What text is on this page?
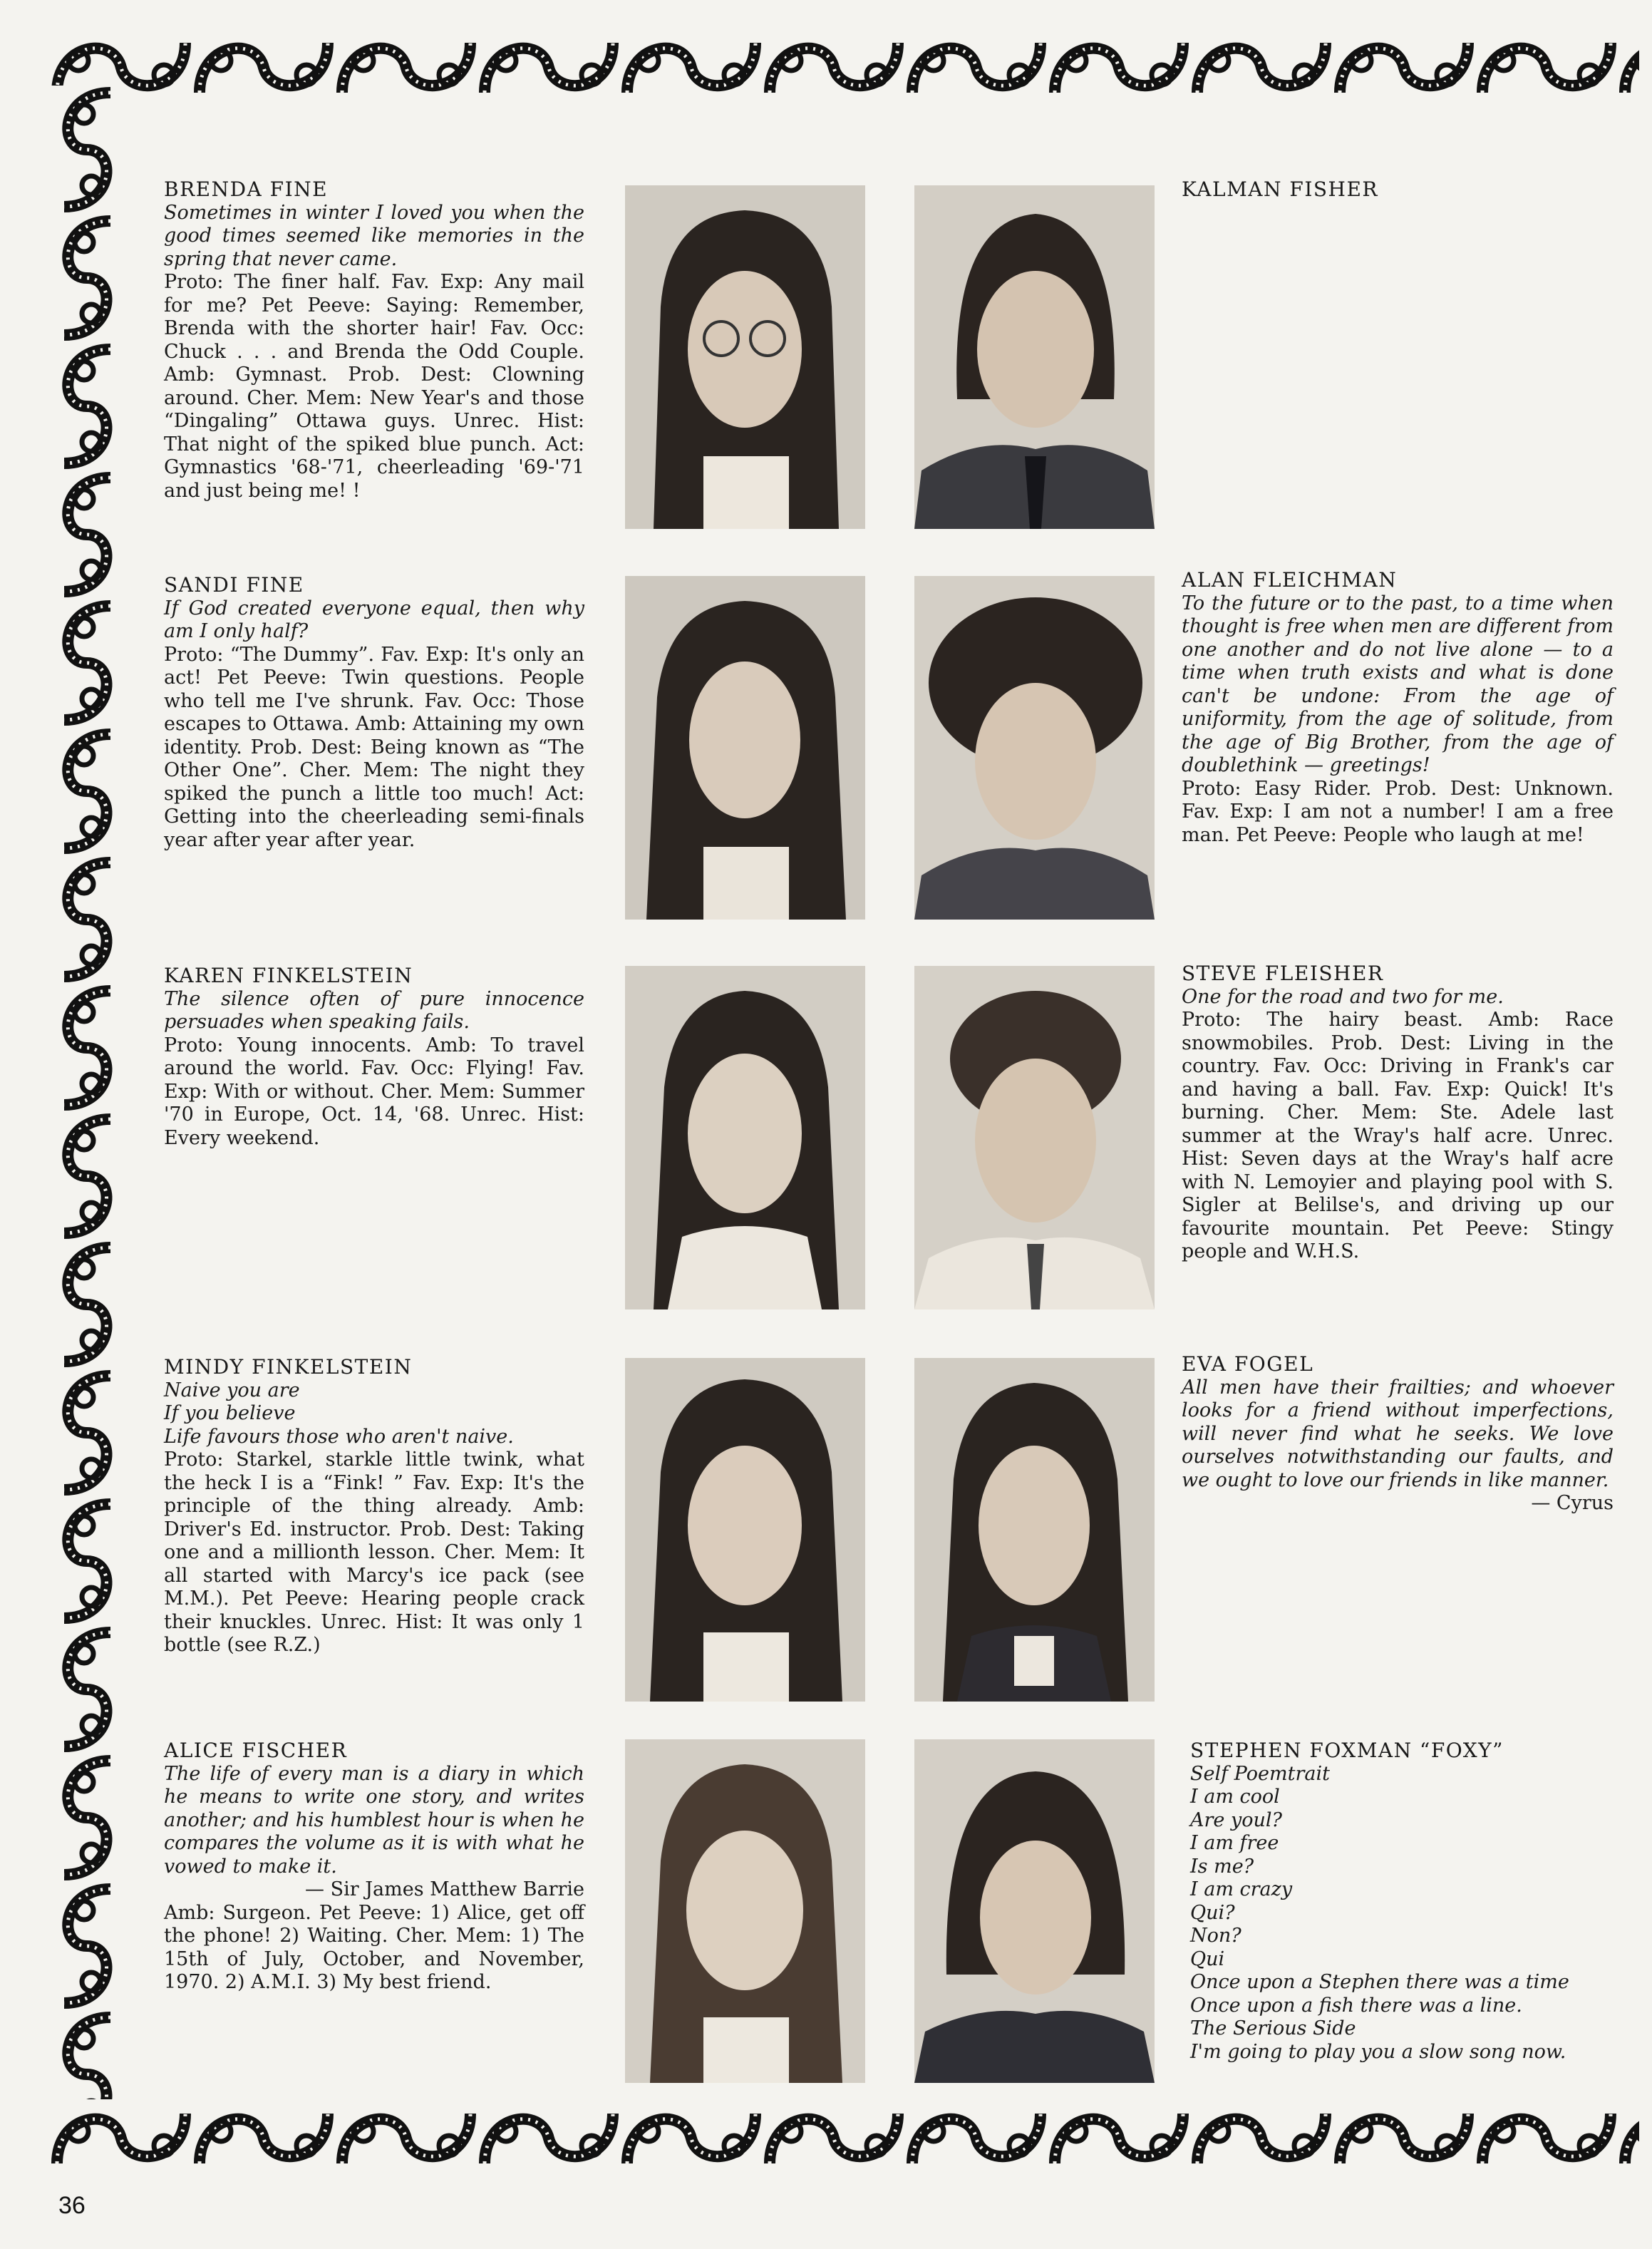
BRENDA FINE
Sometimes in winter I loved you when the good times seemed like memories in the spring that never came.
Proto: The finer half. Fav. Exp: Any mail for me? Pet Peeve: Saying: Remember, Brenda with the shorter hair! Fav. Occ: Chuck . . . and Brenda the Odd Couple. Amb: Gymnast. Prob. Dest: Clowning around. Cher. Mem: New Year's and those “Dingaling” Ottawa guys. Unrec. Hist: That night of the spiked blue punch. Act: Gymnastics '68-'71, cheerleading '69-'71 and just being me! !
SANDI FINE
If God created everyone equal, then why am I only half?
Proto: “The Dummy”. Fav. Exp: It's only an act! Pet Peeve: Twin questions. People who tell me I've shrunk. Fav. Occ: Those escapes to Ottawa. Amb: Attaining my own identity. Prob. Dest: Being known as “The Other One”. Cher. Mem: The night they spiked the punch a little too much! Act: Getting into the cheerleading semi-finals year after year after year.
KAREN FINKELSTEIN
The silence often of pure innocence persuades when speaking fails.
Proto: Young innocents. Amb: To travel around the world. Fav. Occ: Flying! Fav. Exp: With or without. Cher. Mem: Summer '70 in Europe, Oct. 14, '68. Unrec. Hist: Every weekend.
MINDY FINKELSTEIN
Naive you are
If you believe
Life favours those who aren't naive.
Proto: Starkel, starkle little twink, what the heck I is a “Fink! ” Fav. Exp: It's the principle of the thing already. Amb: Driver's Ed. instructor. Prob. Dest: Taking one and a millionth lesson. Cher. Mem: It all started with Marcy's ice pack (see M.M.). Pet Peeve: Hearing people crack their knuckles. Unrec. Hist: It was only 1 bottle (see R.Z.)
ALICE FISCHER
The life of every man is a diary in which he means to write one story, and writes another; and his humblest hour is when he compares the volume as it is with what he vowed to make it.
— Sir James Matthew Barrie
Amb: Surgeon. Pet Peeve: 1) Alice, get off the phone! 2) Waiting. Cher. Mem: 1) The 15th of July, October, and November, 1970. 2) A.M.I. 3) My best friend.
KALMAN FISHER
ALAN FLEICHMAN
To the future or to the past, to a time when thought is free when men are different from one another and do not live alone — to a time when truth exists and what is done can't be undone: From the age of uniformity, from the age of solitude, from the age of Big Brother, from the age of doublethink — greetings!
Proto: Easy Rider. Prob. Dest: Unknown. Fav. Exp: I am not a number! I am a free man. Pet Peeve: People who laugh at me!
STEVE FLEISHER
One for the road and two for me.
Proto: The hairy beast. Amb: Race snowmobiles. Prob. Dest: Living in the country. Fav. Occ: Driving in Frank's car and having a ball. Fav. Exp: Quick! It's burning. Cher. Mem: Ste. Adele last summer at the Wray's half acre. Unrec. Hist: Seven days at the Wray's half acre with N. Lemoyier and playing pool with S. Sigler at Belilse's, and driving up our favourite mountain. Pet Peeve: Stingy people and W.H.S.
EVA FOGEL
All men have their frailties; and whoever looks for a friend without imperfections, will never find what he seeks. We love ourselves notwithstanding our faults, and we ought to love our friends in like manner.
— Cyrus
STEPHEN FOXMAN “FOXY”
Self Poemtrait
I am cool
Are youl?
I am free
Is me?
I am crazy
Qui?
Non?
Qui
Once upon a Stephen there was a time
Once upon a fish there was a line.
The Serious Side
I'm going to play you a slow song now.
36
